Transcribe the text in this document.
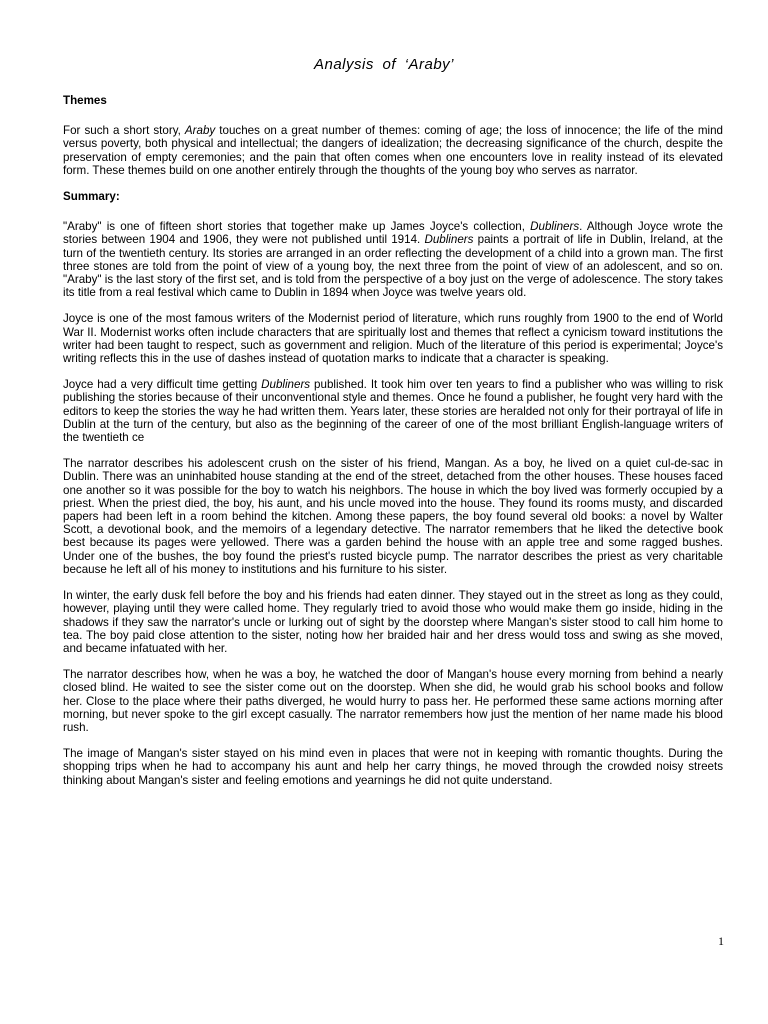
Analysis of ‘Araby’
Themes

For such a short story, Araby touches on a great number of themes: coming of age; the loss of innocence; the life of the mind versus poverty, both physical and intellectual; the dangers of idealization; the decreasing significance of the church, despite the preservation of empty ceremonies; and the pain that often comes when one encounters love in reality instead of its elevated form. These themes build on one another entirely through the thoughts of the young boy who serves as narrator.

Summary:

"Araby" is one of fifteen short stories that together make up James Joyce's collection, Dubliners. Although Joyce wrote the stories between 1904 and 1906, they were not published until 1914. Dubliners paints a portrait of life in Dublin, Ireland, at the turn of the twentieth century. Its stories are arranged in an order reflecting the development of a child into a grown man. The first three stones are told from the point of view of a young boy, the next three from the point of view of an adolescent, and so on. "Araby" is the last story of the first set, and is told from the perspective of a boy just on the verge of adolescence. The story takes its title from a real festival which came to Dublin in 1894 when Joyce was twelve years old.

Joyce is one of the most famous writers of the Modernist period of literature, which runs roughly from 1900 to the end of World War II. Modernist works often include characters that are spiritually lost and themes that reflect a cynicism toward institutions the writer had been taught to respect, such as government and religion. Much of the literature of this period is experimental; Joyce's writing reflects this in the use of dashes instead of quotation marks to indicate that a character is speaking.

Joyce had a very difficult time getting Dubliners published. It took him over ten years to find a publisher who was willing to risk publishing the stories because of their unconventional style and themes. Once he found a publisher, he fought very hard with the editors to keep the stories the way he had written them. Years later, these stories are heralded not only for their portrayal of life in Dublin at the turn of the century, but also as the beginning of the career of one of the most brilliant English-language writers of the twentieth ce

The narrator describes his adolescent crush on the sister of his friend, Mangan. As a boy, he lived on a quiet cul-de-sac in Dublin. There was an uninhabited house standing at the end of the street, detached from the other houses. These houses faced one another so it was possible for the boy to watch his neighbors. The house in which the boy lived was formerly occupied by a priest. When the priest died, the boy, his aunt, and his uncle moved into the house. They found its rooms musty, and discarded papers had been left in a room behind the kitchen. Among these papers, the boy found several old books: a novel by Walter Scott, a devotional book, and the memoirs of a legendary detective. The narrator remembers that he liked the detective book best because its pages were yellowed. There was a garden behind the house with an apple tree and some ragged bushes. Under one of the bushes, the boy found the priest's rusted bicycle pump. The narrator describes the priest as very charitable because he left all of his money to institutions and his furniture to his sister.

In winter, the early dusk fell before the boy and his friends had eaten dinner. They stayed out in the street as long as they could, however, playing until they were called home. They regularly tried to avoid those who would make them go inside, hiding in the shadows if they saw the narrator's uncle or lurking out of sight by the doorstep where Mangan's sister stood to call him home to tea. The boy paid close attention to the sister, noting how her braided hair and her dress would toss and swing as she moved, and became infatuated with her.

The narrator describes how, when he was a boy, he watched the door of Mangan's house every morning from behind a nearly closed blind. He waited to see the sister come out on the doorstep. When she did, he would grab his school books and follow her. Close to the place where their paths diverged, he would hurry to pass her. He performed these same actions morning after morning, but never spoke to the girl except casually. The narrator remembers how just the mention of her name made his blood rush.

The image of Mangan's sister stayed on his mind even in places that were not in keeping with romantic thoughts. During the shopping trips when he had to accompany his aunt and help her carry things, he moved through the crowded noisy streets thinking about Mangan's sister and feeling emotions and yearnings he did not quite understand.

1
